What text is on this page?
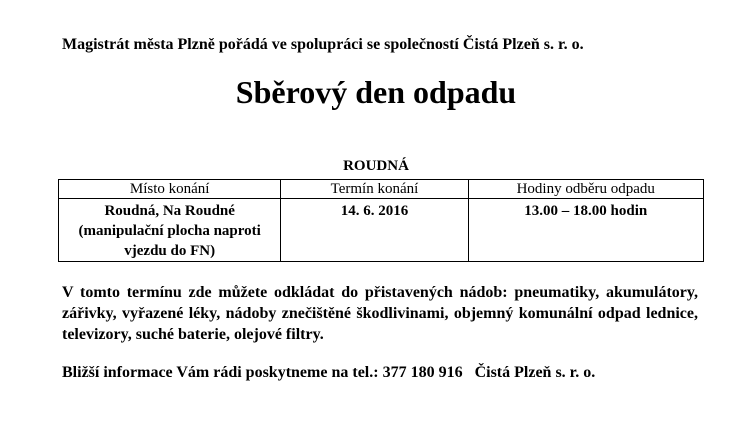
Magistrát města Plzně pořádá ve spolupráci se společností Čistá Plzeň s. r. o.
Sběrový den odpadu
ROUDNÁ
Místo konání	Termín konání	Hodiny odběru odpadu
Roudná, Na Roudné (manipulační plocha naproti vjezdu do FN)	14. 6. 2016	13.00 – 18.00 hodin
V tomto termínu zde můžete odkládat do přistavených nádob: pneumatiky, akumulátory, zářivky, vyřazené léky, nádoby znečištěné škodlivinami, objemný komunální odpad lednice, televizory, suché baterie, olejové filtry.
Bližší informace Vám rádi poskytneme na tel.: 377 180 916 Čistá Plzeň s. r. o.
